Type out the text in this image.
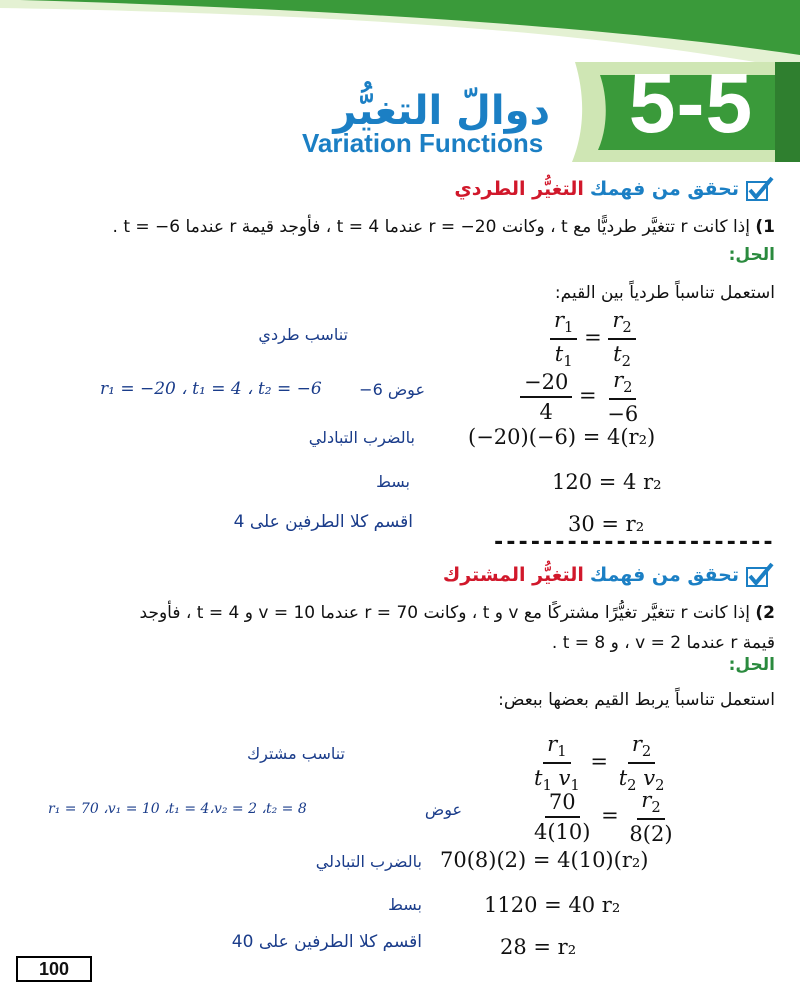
5-5
دوالّ التغيُّر
Variation Functions
تحقق من فهمك
التغيُّر الطردي
1) إذا كانت r تتغيَّر طرديًّا مع t ، وكانت r = −20 عندما t = 4 ، فأوجد قيمة r عندما t = −6 .
الحل:
استعمل تناسباً طردياً بين القيم:
$\frac{r_1}{t_1} = \frac{r_2}{t_2}$
تناسب طردي
$\frac{-20}{4} = \frac{r_2}{-6}$
عوض 6−
r₁ = −20 ، t₁ = 4 ، t₂ = −6
(−20)(−6) = 4(r₂)
بالضرب التبادلي
120 = 4 r₂
بسط
30 = r₂
اقسم كلا الطرفين على 4
-----------------------
تحقق من فهمك
التغيُّر المشترك
2) إذا كانت r تتغيَّر تغيُّرًا مشتركًا مع v و t ، وكانت r = 70 عندما v = 10 و t = 4 ، فأوجد
قيمة r عندما v = 2 ، و t = 8 .
الحل:
استعمل تناسباً يربط القيم بعضها ببعض:
$\frac{r_1}{t_1 v_1} = \frac{r_2}{t_2 v_2}$
تناسب مشترك
$\frac{70}{4(10)} = \frac{r_2}{8(2)}$
عوض
r₁ = 70 ،v₁ = 10 ،t₁ = 4،v₂ = 2 ،t₂ = 8
70(8)(2) = 4(10)(r₂)
بالضرب التبادلي
1120 = 40 r₂
بسط
28 = r₂
اقسم كلا الطرفين على 40
100
